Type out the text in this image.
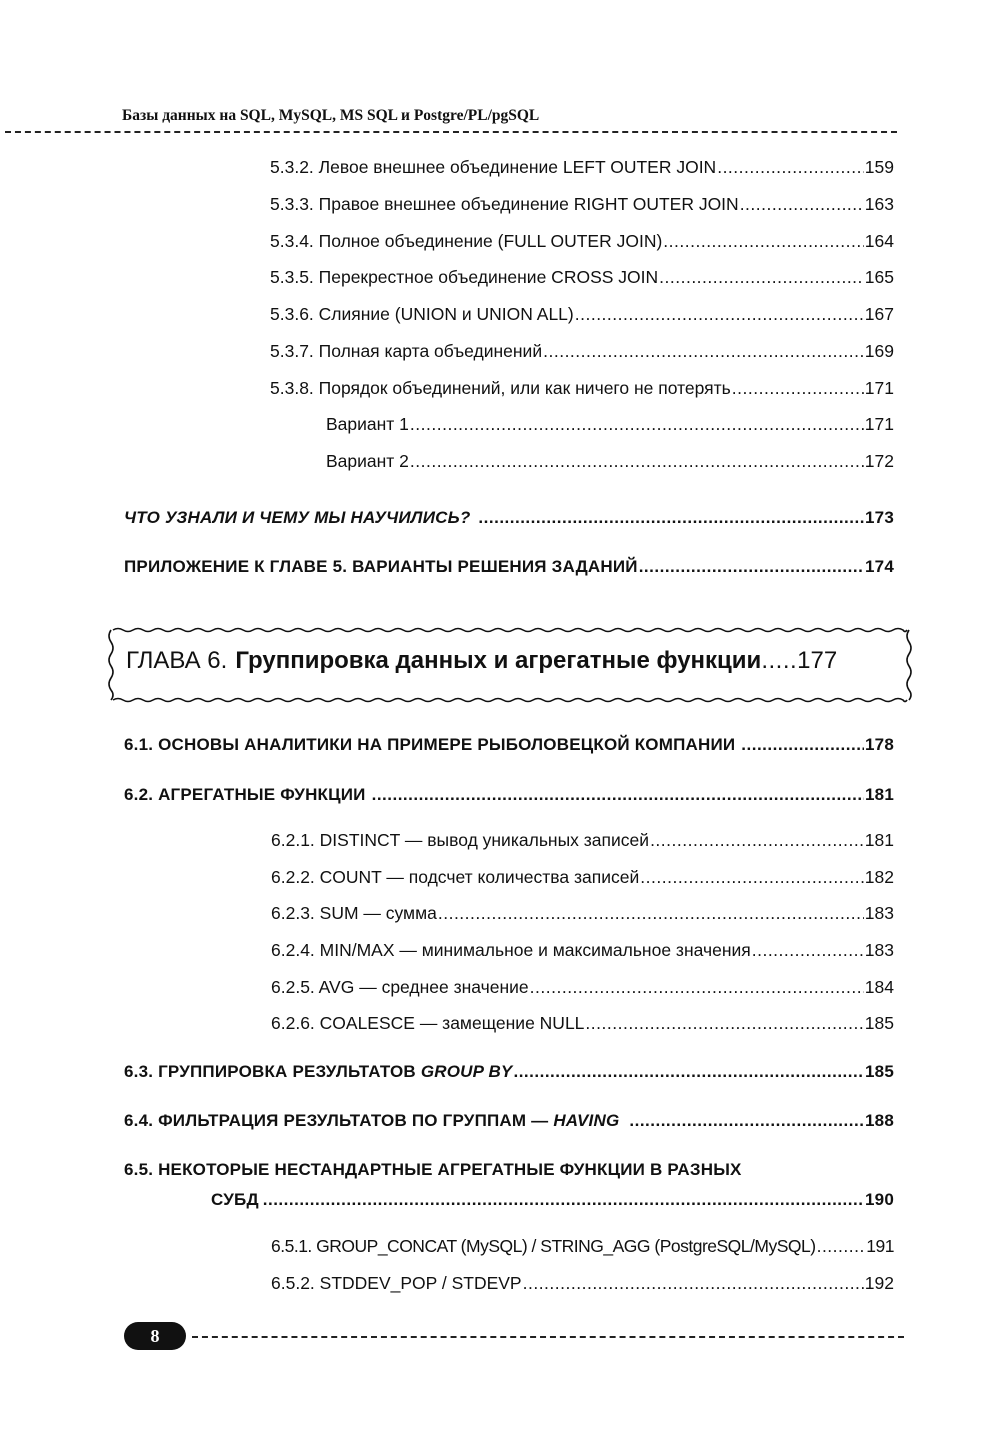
Базы данных на SQL, MySQL, MS SQL и Postgre/PL/pgSQL
5.3.2. Левое внешнее объединение LEFT OUTER JOIN .....	159
5.3.3. Правое внешнее объединение RIGHT OUTER JOIN .....	163
5.3.4. Полное объединение (FULL OUTER JOIN) .....	164
5.3.5. Перекрестное объединение CROSS JOIN .....	165
5.3.6. Слияние (UNION и UNION ALL) .....	167
5.3.7. Полная карта объединений .....	169
5.3.8. Порядок объединений, или как ничего не потерять .....	171
Вариант 1 .....	171
Вариант 2 .....	172
ЧТО УЗНАЛИ И ЧЕМУ МЫ НАУЧИЛИСЬ? .....	173
ПРИЛОЖЕНИЕ К ГЛАВЕ 5. ВАРИАНТЫ РЕШЕНИЯ ЗАДАНИЙ .....	174
ГЛАВА 6. Группировка данных и агрегатные функции ..... 177
6.1. ОСНОВЫ АНАЛИТИКИ НА ПРИМЕРЕ РЫБОЛОВЕЦКОЙ КОМПАНИИ .....	178
6.2. АГРЕГАТНЫЕ ФУНКЦИИ .....	181
6.2.1. DISTINCT — вывод уникальных записей .....	181
6.2.2. COUNT — подсчет количества записей .....	182
6.2.3. SUM — сумма .....	183
6.2.4. MIN/MAX — минимальное и максимальное значения .....	183
6.2.5. AVG — среднее значение .....	184
6.2.6. COALESCE — замещение NULL .....	185
6.3. ГРУППИРОВКА РЕЗУЛЬТАТОВ GROUP BY .....	185
6.4. ФИЛЬТРАЦИЯ РЕЗУЛЬТАТОВ ПО ГРУППАМ — HAVING .....	188
6.5. НЕКОТОРЫЕ НЕСТАНДАРТНЫЕ АГРЕГАТНЫЕ ФУНКЦИИ В РАЗНЫХ
СУБД .....	190
6.5.1. GROUP_CONCAT (MySQL) / STRING_AGG (PostgreSQL/MySQL) .....	191
6.5.2. STDDEV_POP / STDEVP .....	192
8
